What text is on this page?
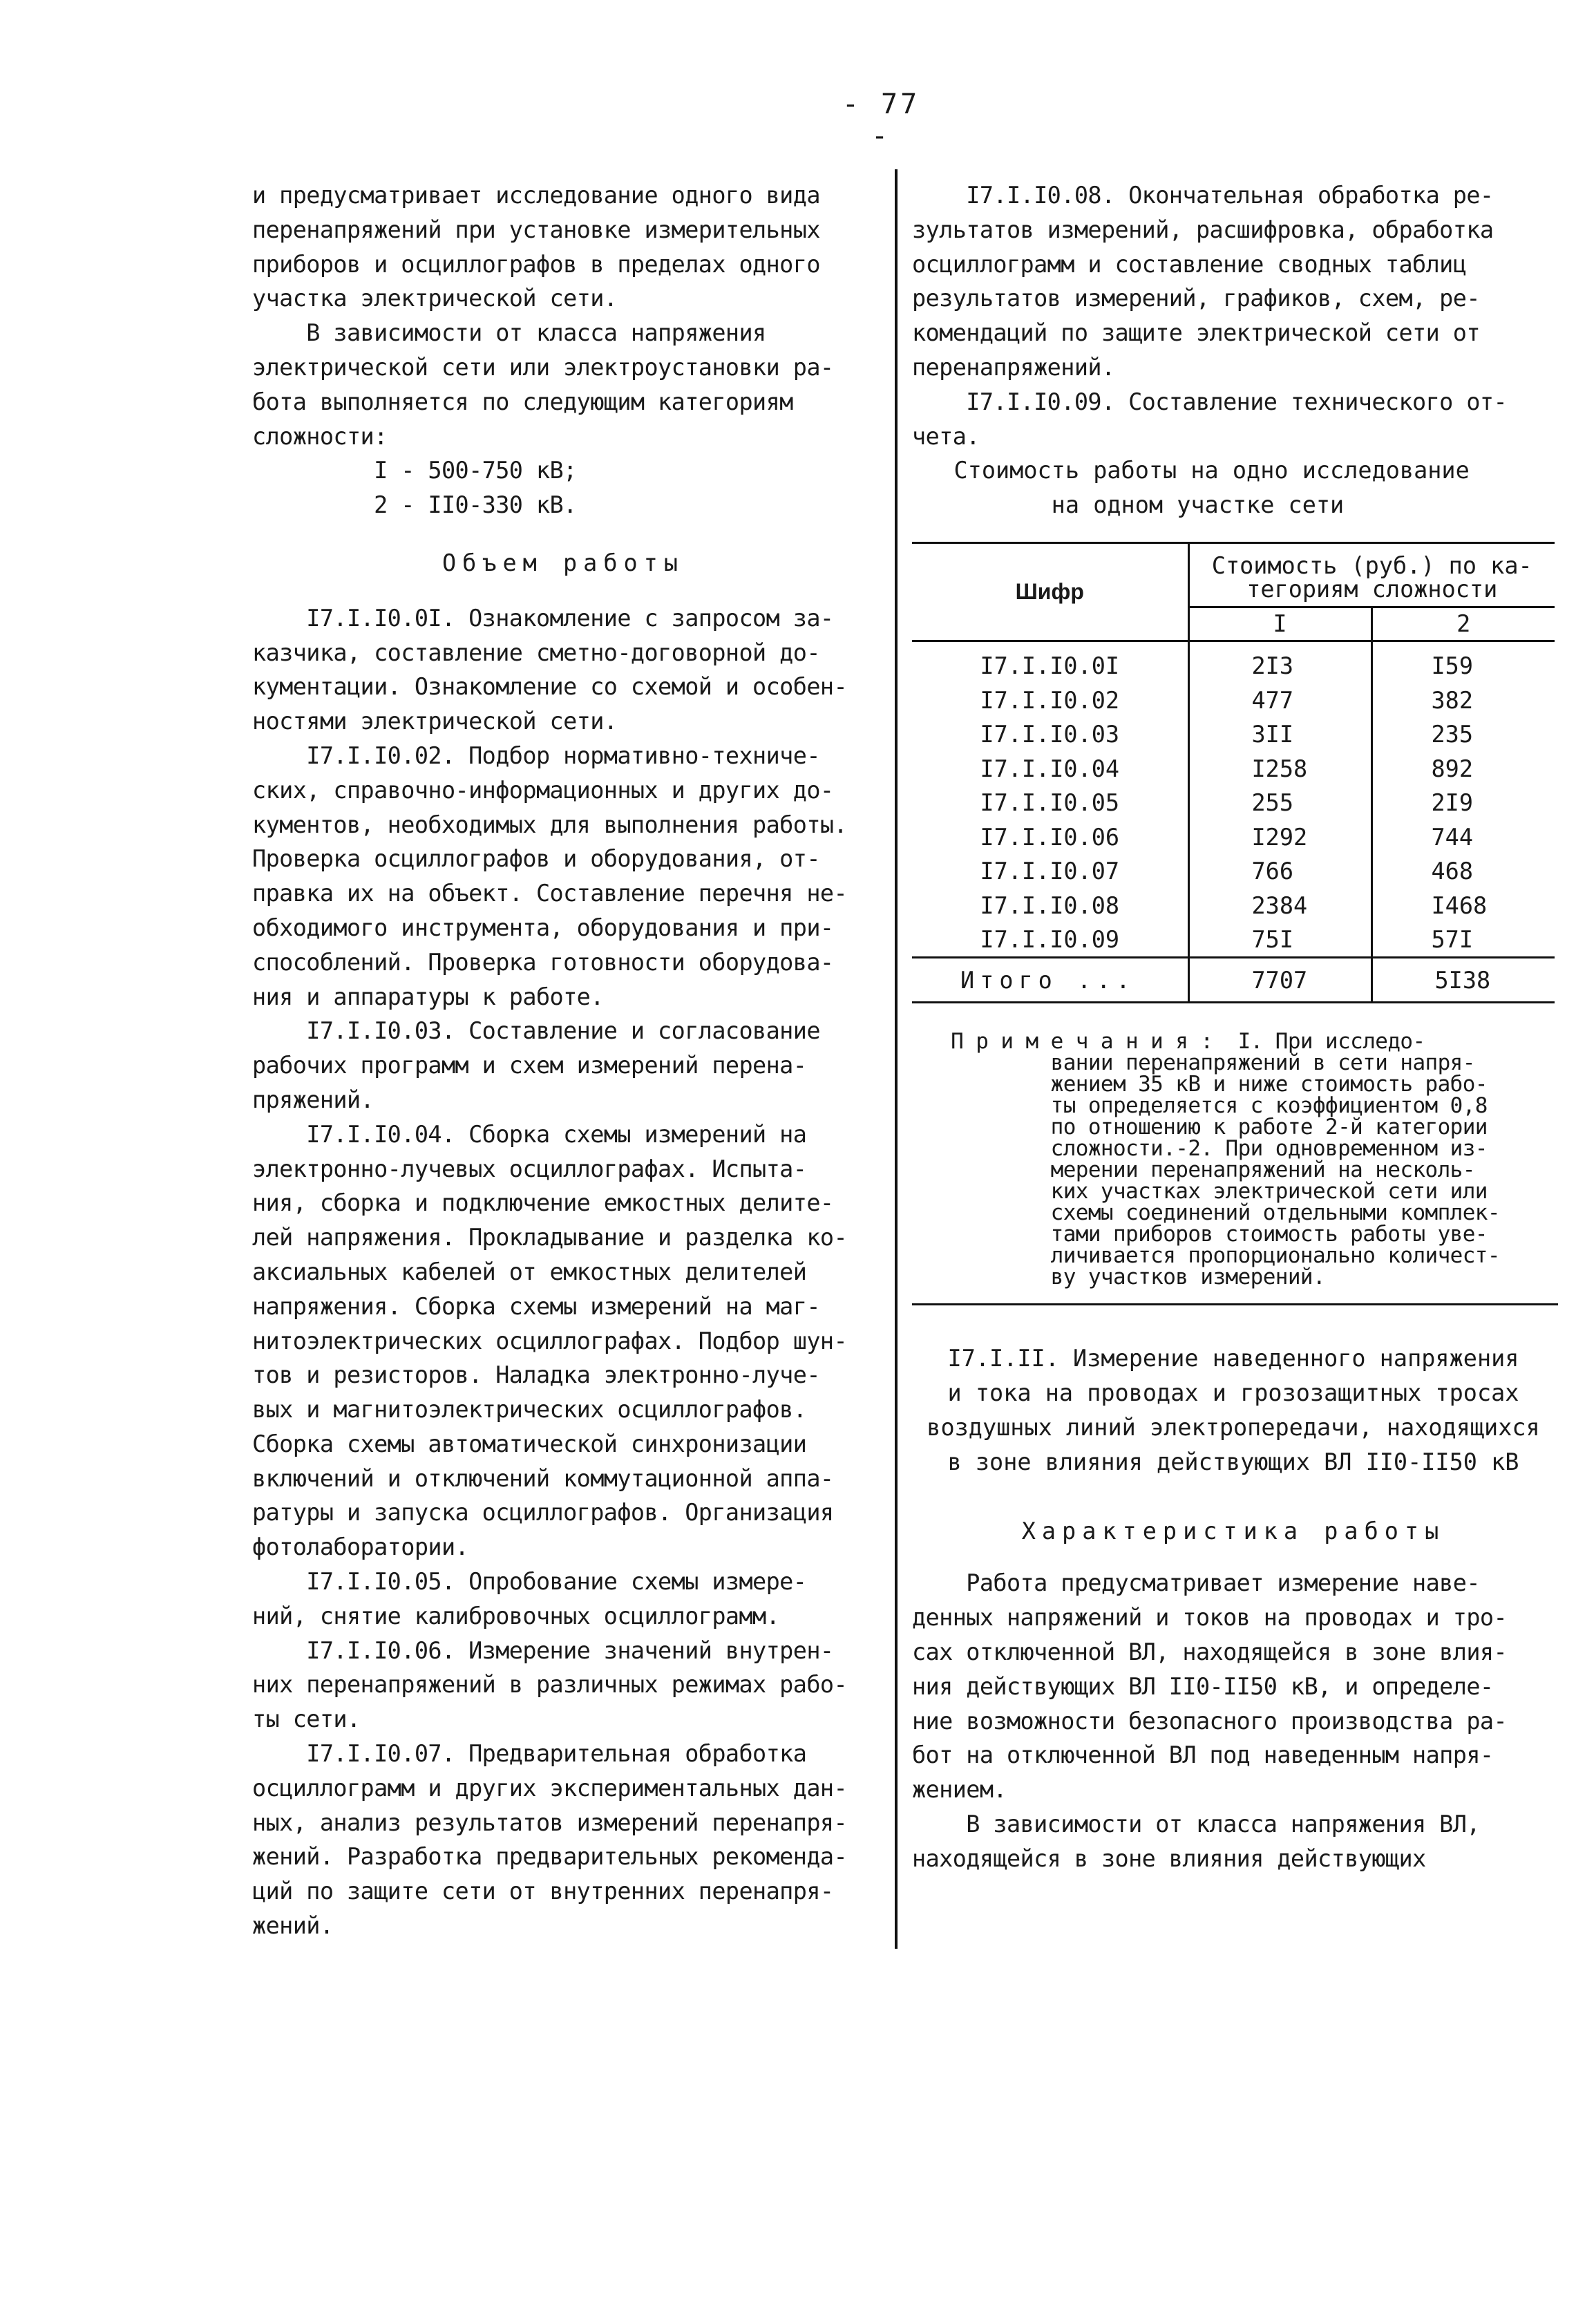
- 77 -
и предусматривает исследование одного вида
перенапряжений при установке измерительных
приборов и осциллографов в пределах одного
участка электрической сети.
В зависимости от класса напряжения
электрической сети или электроустановки ра-
бота выполняется по следующим категориям
сложности:
I - 500-750 кВ;
2 - II0-330 кВ.
Объем работы
I7.I.I0.0I. Ознакомление с запросом за-
казчика, составление сметно-договорной до-
кументации. Ознакомление со схемой и особен-
ностями электрической сети.
I7.I.I0.02. Подбор нормативно-техниче-
ских, справочно-информационных и других до-
кументов, необходимых для выполнения работы.
Проверка осциллографов и оборудования, от-
правка их на объект. Составление перечня не-
обходимого инструмента, оборудования и при-
способлений. Проверка готовности оборудова-
ния и аппаратуры к работе.
I7.I.I0.03. Составление и согласование
рабочих программ и схем измерений перена-
пряжений.
I7.I.I0.04. Сборка схемы измерений на
электронно-лучевых осциллографах. Испыта-
ния, сборка и подключение емкостных делите-
лей напряжения. Прокладывание и разделка ко-
аксиальных кабелей от емкостных делителей
напряжения. Сборка схемы измерений на маг-
нитоэлектрических осциллографах. Подбор шун-
тов и резисторов. Наладка электронно-лучe-
вых и магнитоэлектрических осциллографов.
Сборка схемы автоматической синхронизации
включений и отключений коммутационной аппа-
ратуры и запуска осциллографов. Организация
фотолаборатории.
I7.I.I0.05. Опробование схемы измере-
ний, снятие калибровочных осциллограмм.
I7.I.I0.06. Измерение значений внутрен-
них перенапряжений в различных режимах рабо-
ты сети.
I7.I.I0.07. Предварительная обработка
осциллограмм и других экспериментальных дан-
ных, анализ результатов измерений перенапря-
жений. Разработка предварительных рекоменда-
ций по защите сети от внутренних перенапря-
жений.
I7.I.I0.08. Окончательная обработка ре-
зультатов измерений, расшифровка, обработка
осциллограмм и составление сводных таблиц
результатов измерений, графиков, схем, ре-
комендаций по защите электрической сети от
перенапряжений.
I7.I.I0.09. Составление технического от-
чета.
Стоимость работы на одно исследование
на одном участке сети
Шифр	Стоимость (руб.) по ка-
тегориям сложности	

	I	2
I7.I.I0.0I	2I3	I59
I7.I.I0.02	477	382
I7.I.I0.03	3II	235
I7.I.I0.04	I258	892
I7.I.I0.05	255	2I9
I7.I.I0.06	I292	744
I7.I.I0.07	766	468
I7.I.I0.08	2384	I468
I7.I.I0.09	75I	57I
Итого ...	7707	5I38
П р и м е ч а н и я :  I. При исследо-
вании перенапряжений в сети напря-
жением 35 кВ и ниже стоимость рабо-
ты определяется с коэффициентом 0,8
по отношению к работе 2-й категории
сложности.-2. При одновременном из-
мерении перенапряжений на несколь-
ких участках электрической сети или
схемы соединений отдельными комплек-
тами приборов стоимость работы уве-
личивается пропорционально количест-
ву участков измерений.
I7.I.II. Измерение наведенного напряжения
и тока на проводах и грозозащитных тросах
воздушных линий электропередачи, находящихся
в зоне влияния действующих ВЛ II0-II50 кВ
Характеристика работы
Работа предусматривает измерение наве-
денных напряжений и токов на проводах и тро-
сах отключенной ВЛ, находящейся в зоне влия-
ния действующих ВЛ II0-II50 кВ, и определе-
ние возможности безопасного производства ра-
бот на отключенной ВЛ под наведенным напря-
жением.
В зависимости от класса напряжения ВЛ,
находящейся в зоне влияния действующих
